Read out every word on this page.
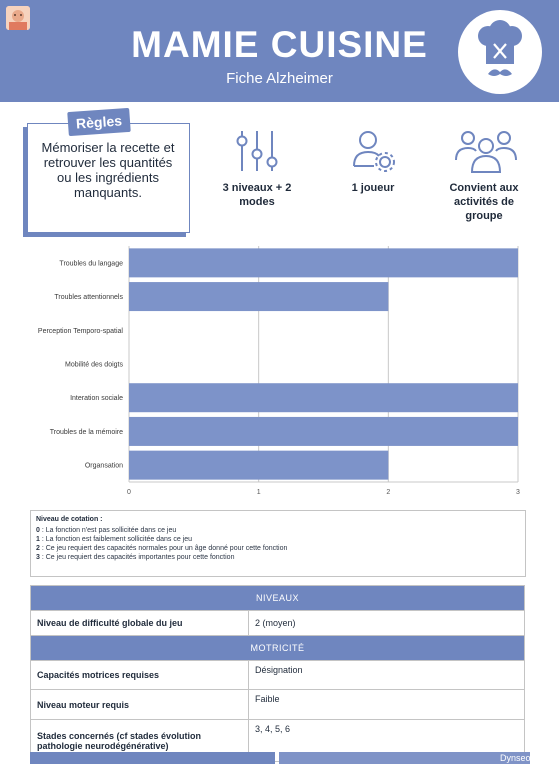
MAMIE CUISINE
Fiche Alzheimer
Règles
Mémoriser la recette et retrouver les quantités ou les ingrédients manquants.	3 niveaux + 2 modes
1 joueur	Convient aux activités de groupe
0	1	2	3
Troubles du langage
Troubles attentionnels
Perception Temporo-spatial
Mobilité des doigts
Interation sociale
Troubles de la mémoire
Organsation
Niveau de cotation :
0 : La fonction n'est pas sollicitée dans ce jeu
1 : La fonction est faiblement sollicitée dans ce jeu
2 : Ce jeu requiert des capacités normales pour un âge donné pour cette fonction
3 : Ce jeu requiert des capacités importantes pour cette fonction
NIVEAUX	
Niveau de difficulté globale du jeu	2 (moyen)
MOTRICITÉ	
Capacités motrices requises	Désignation
Niveau moteur requis	Faible
Stades concernés (cf stades évolution pathologie neurodégénérative)	3, 4, 5, 6
Dynseo
